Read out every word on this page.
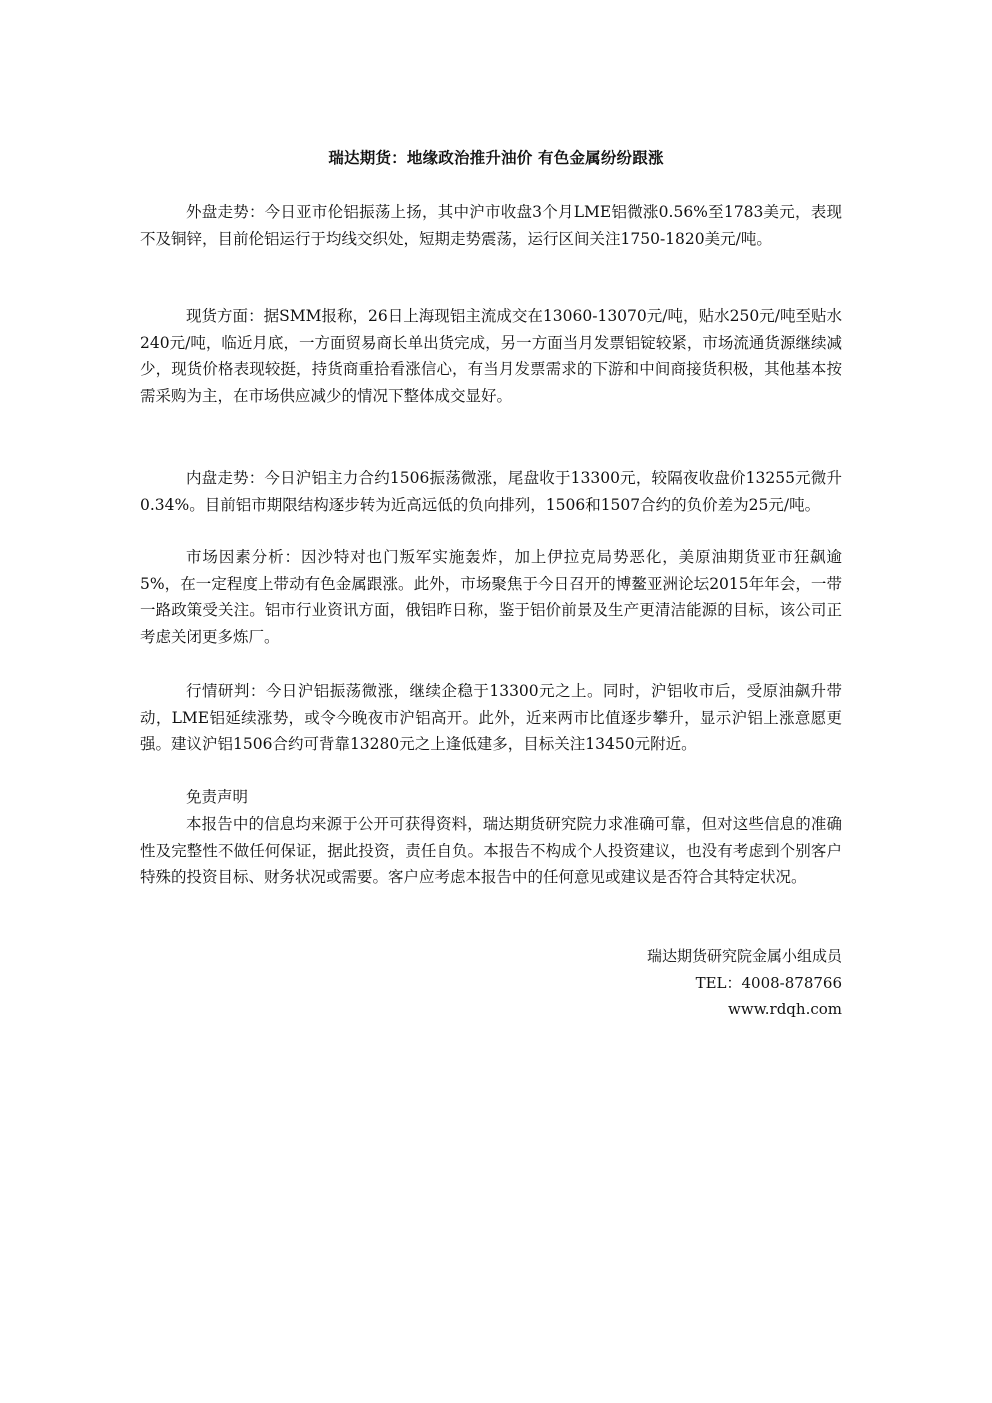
瑞达期货：地缘政治推升油价 有色金属纷纷跟涨

外盘走势：今日亚市伦铝振荡上扬，其中沪市收盘3个月LME铝微涨0.56%至1783美元，表现不及铜锌，目前伦铝运行于均线交织处，短期走势震荡，运行区间关注1750-1820美元/吨。

现货方面：据SMM报称，26日上海现铝主流成交在13060-13070元/吨，贴水250元/吨至贴水240元/吨，临近月底，一方面贸易商长单出货完成，另一方面当月发票铝锭较紧，市场流通货源继续减少，现货价格表现较挺，持货商重拾看涨信心，有当月发票需求的下游和中间商接货积极，其他基本按需采购为主，在市场供应减少的情况下整体成交显好。

内盘走势：今日沪铝主力合约1506振荡微涨，尾盘收于13300元，较隔夜收盘价13255元微升0.34%。目前铝市期限结构逐步转为近高远低的负向排列，1506和1507合约的负价差为25元/吨。

市场因素分析：因沙特对也门叛军实施轰炸，加上伊拉克局势恶化，美原油期货亚市狂飙逾5%，在一定程度上带动有色金属跟涨。此外，市场聚焦于今日召开的博鳌亚洲论坛2015年年会，一带一路政策受关注。铝市行业资讯方面，俄铝昨日称，鉴于铝价前景及生产更清洁能源的目标，该公司正考虑关闭更多炼厂。

行情研判：今日沪铝振荡微涨，继续企稳于13300元之上。同时，沪铝收市后，受原油飙升带动，LME铝延续涨势，或令今晚夜市沪铝高开。此外，近来两市比值逐步攀升，显示沪铝上涨意愿更强。建议沪铝1506合约可背靠13280元之上逢低建多，目标关注13450元附近。

免责声明

本报告中的信息均来源于公开可获得资料，瑞达期货研究院力求准确可靠，但对这些信息的准确性及完整性不做任何保证，据此投资，责任自负。本报告不构成个人投资建议，也没有考虑到个别客户特殊的投资目标、财务状况或需要。客户应考虑本报告中的任何意见或建议是否符合其特定状况。

瑞达期货研究院金属小组成员
TEL：4008-878766
www.rdqh.com
